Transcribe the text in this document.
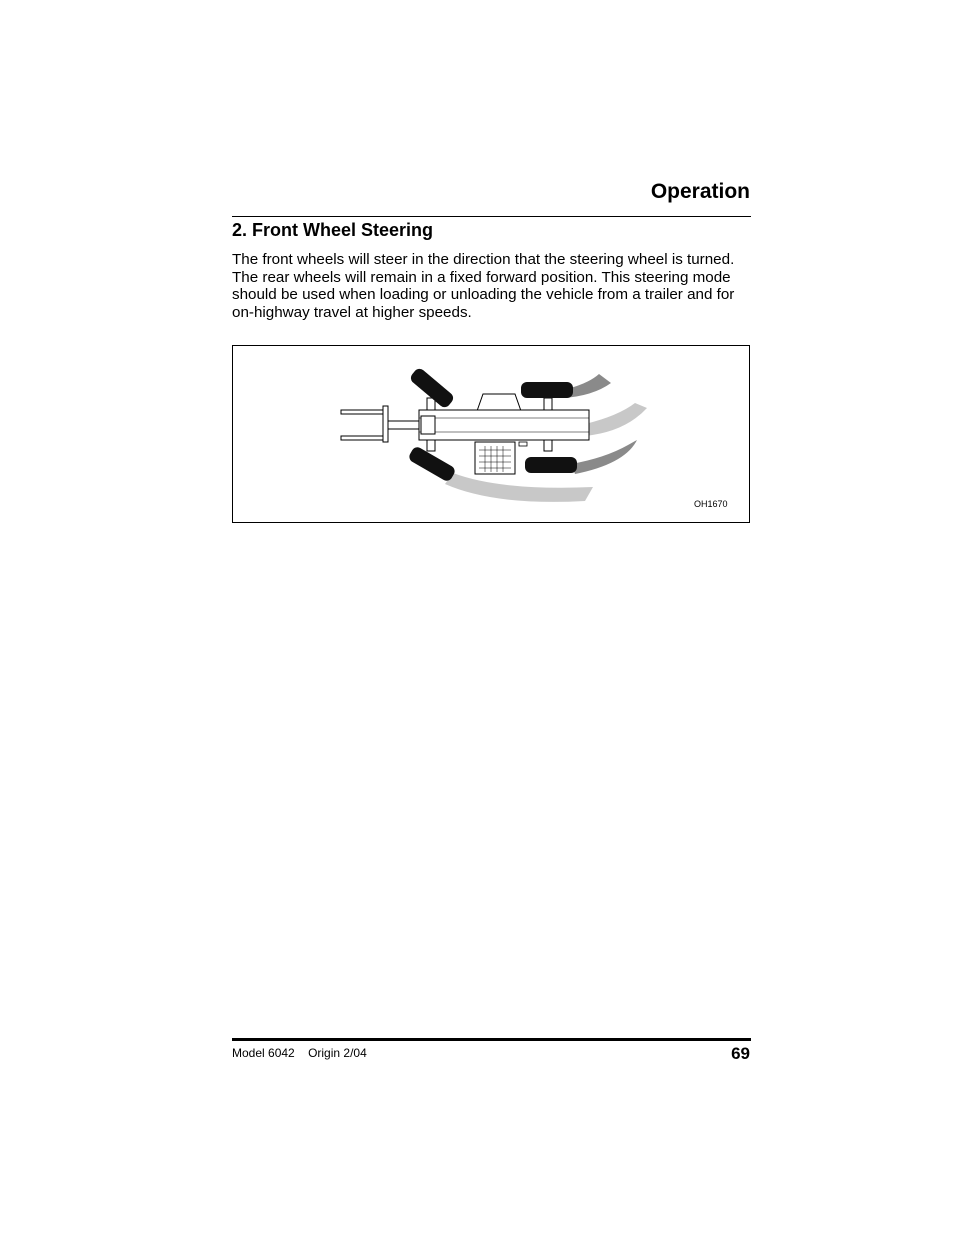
Operation
2. Front Wheel Steering
The front wheels will steer in the direction that the steering wheel is turned. The rear wheels will remain in a fixed forward position. This steering mode should be used when loading or unloading the vehicle from a trailer and for on-highway travel at higher speeds.
OH1670
Model 6042 Origin 2/04	69
